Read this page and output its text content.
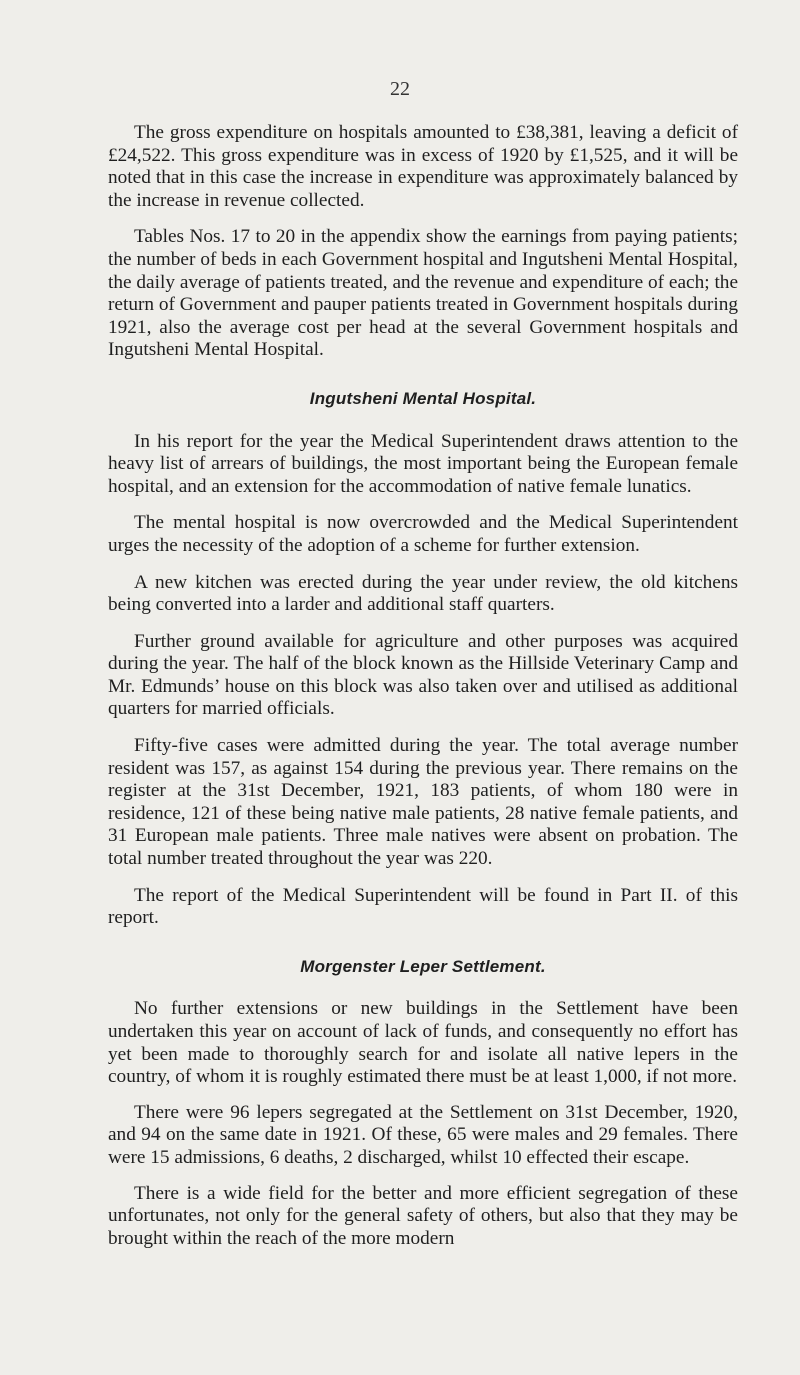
22

The gross expenditure on hospitals amounted to £38,381, leaving a deficit of £24,522. This gross expenditure was in excess of 1920 by £1,525, and it will be noted that in this case the increase in expenditure was approximately balanced by the increase in revenue collected.

Tables Nos. 17 to 20 in the appendix show the earnings from paying patients; the number of beds in each Government hospital and Ingutsheni Mental Hospital, the daily average of patients treated, and the revenue and expenditure of each; the return of Government and pauper patients treated in Government hospitals during 1921, also the average cost per head at the several Government hospitals and Ingutsheni Mental Hospital.

Ingutsheni Mental Hospital.

In his report for the year the Medical Superintendent draws attention to the heavy list of arrears of buildings, the most important being the European female hospital, and an extension for the accommodation of native female lunatics.

The mental hospital is now overcrowded and the Medical Superintendent urges the necessity of the adoption of a scheme for further extension.

A new kitchen was erected during the year under review, the old kitchens being converted into a larder and additional staff quarters.

Further ground available for agriculture and other purposes was acquired during the year. The half of the block known as the Hillside Veterinary Camp and Mr. Edmunds’ house on this block was also taken over and utilised as additional quarters for married officials.

Fifty-five cases were admitted during the year. The total average number resident was 157, as against 154 during the previous year. There remains on the register at the 31st December, 1921, 183 patients, of whom 180 were in residence, 121 of these being native male patients, 28 native female patients, and 31 European male patients. Three male natives were absent on probation. The total number treated throughout the year was 220.

The report of the Medical Superintendent will be found in Part II. of this report.

Morgenster Leper Settlement.

No further extensions or new buildings in the Settlement have been undertaken this year on account of lack of funds, and consequently no effort has yet been made to thoroughly search for and isolate all native lepers in the country, of whom it is roughly estimated there must be at least 1,000, if not more.

There were 96 lepers segregated at the Settlement on 31st December, 1920, and 94 on the same date in 1921. Of these, 65 were males and 29 females. There were 15 admissions, 6 deaths, 2 discharged, whilst 10 effected their escape.

There is a wide field for the better and more efficient segregation of these unfortunates, not only for the general safety of others, but also that they may be brought within the reach of the more modern
